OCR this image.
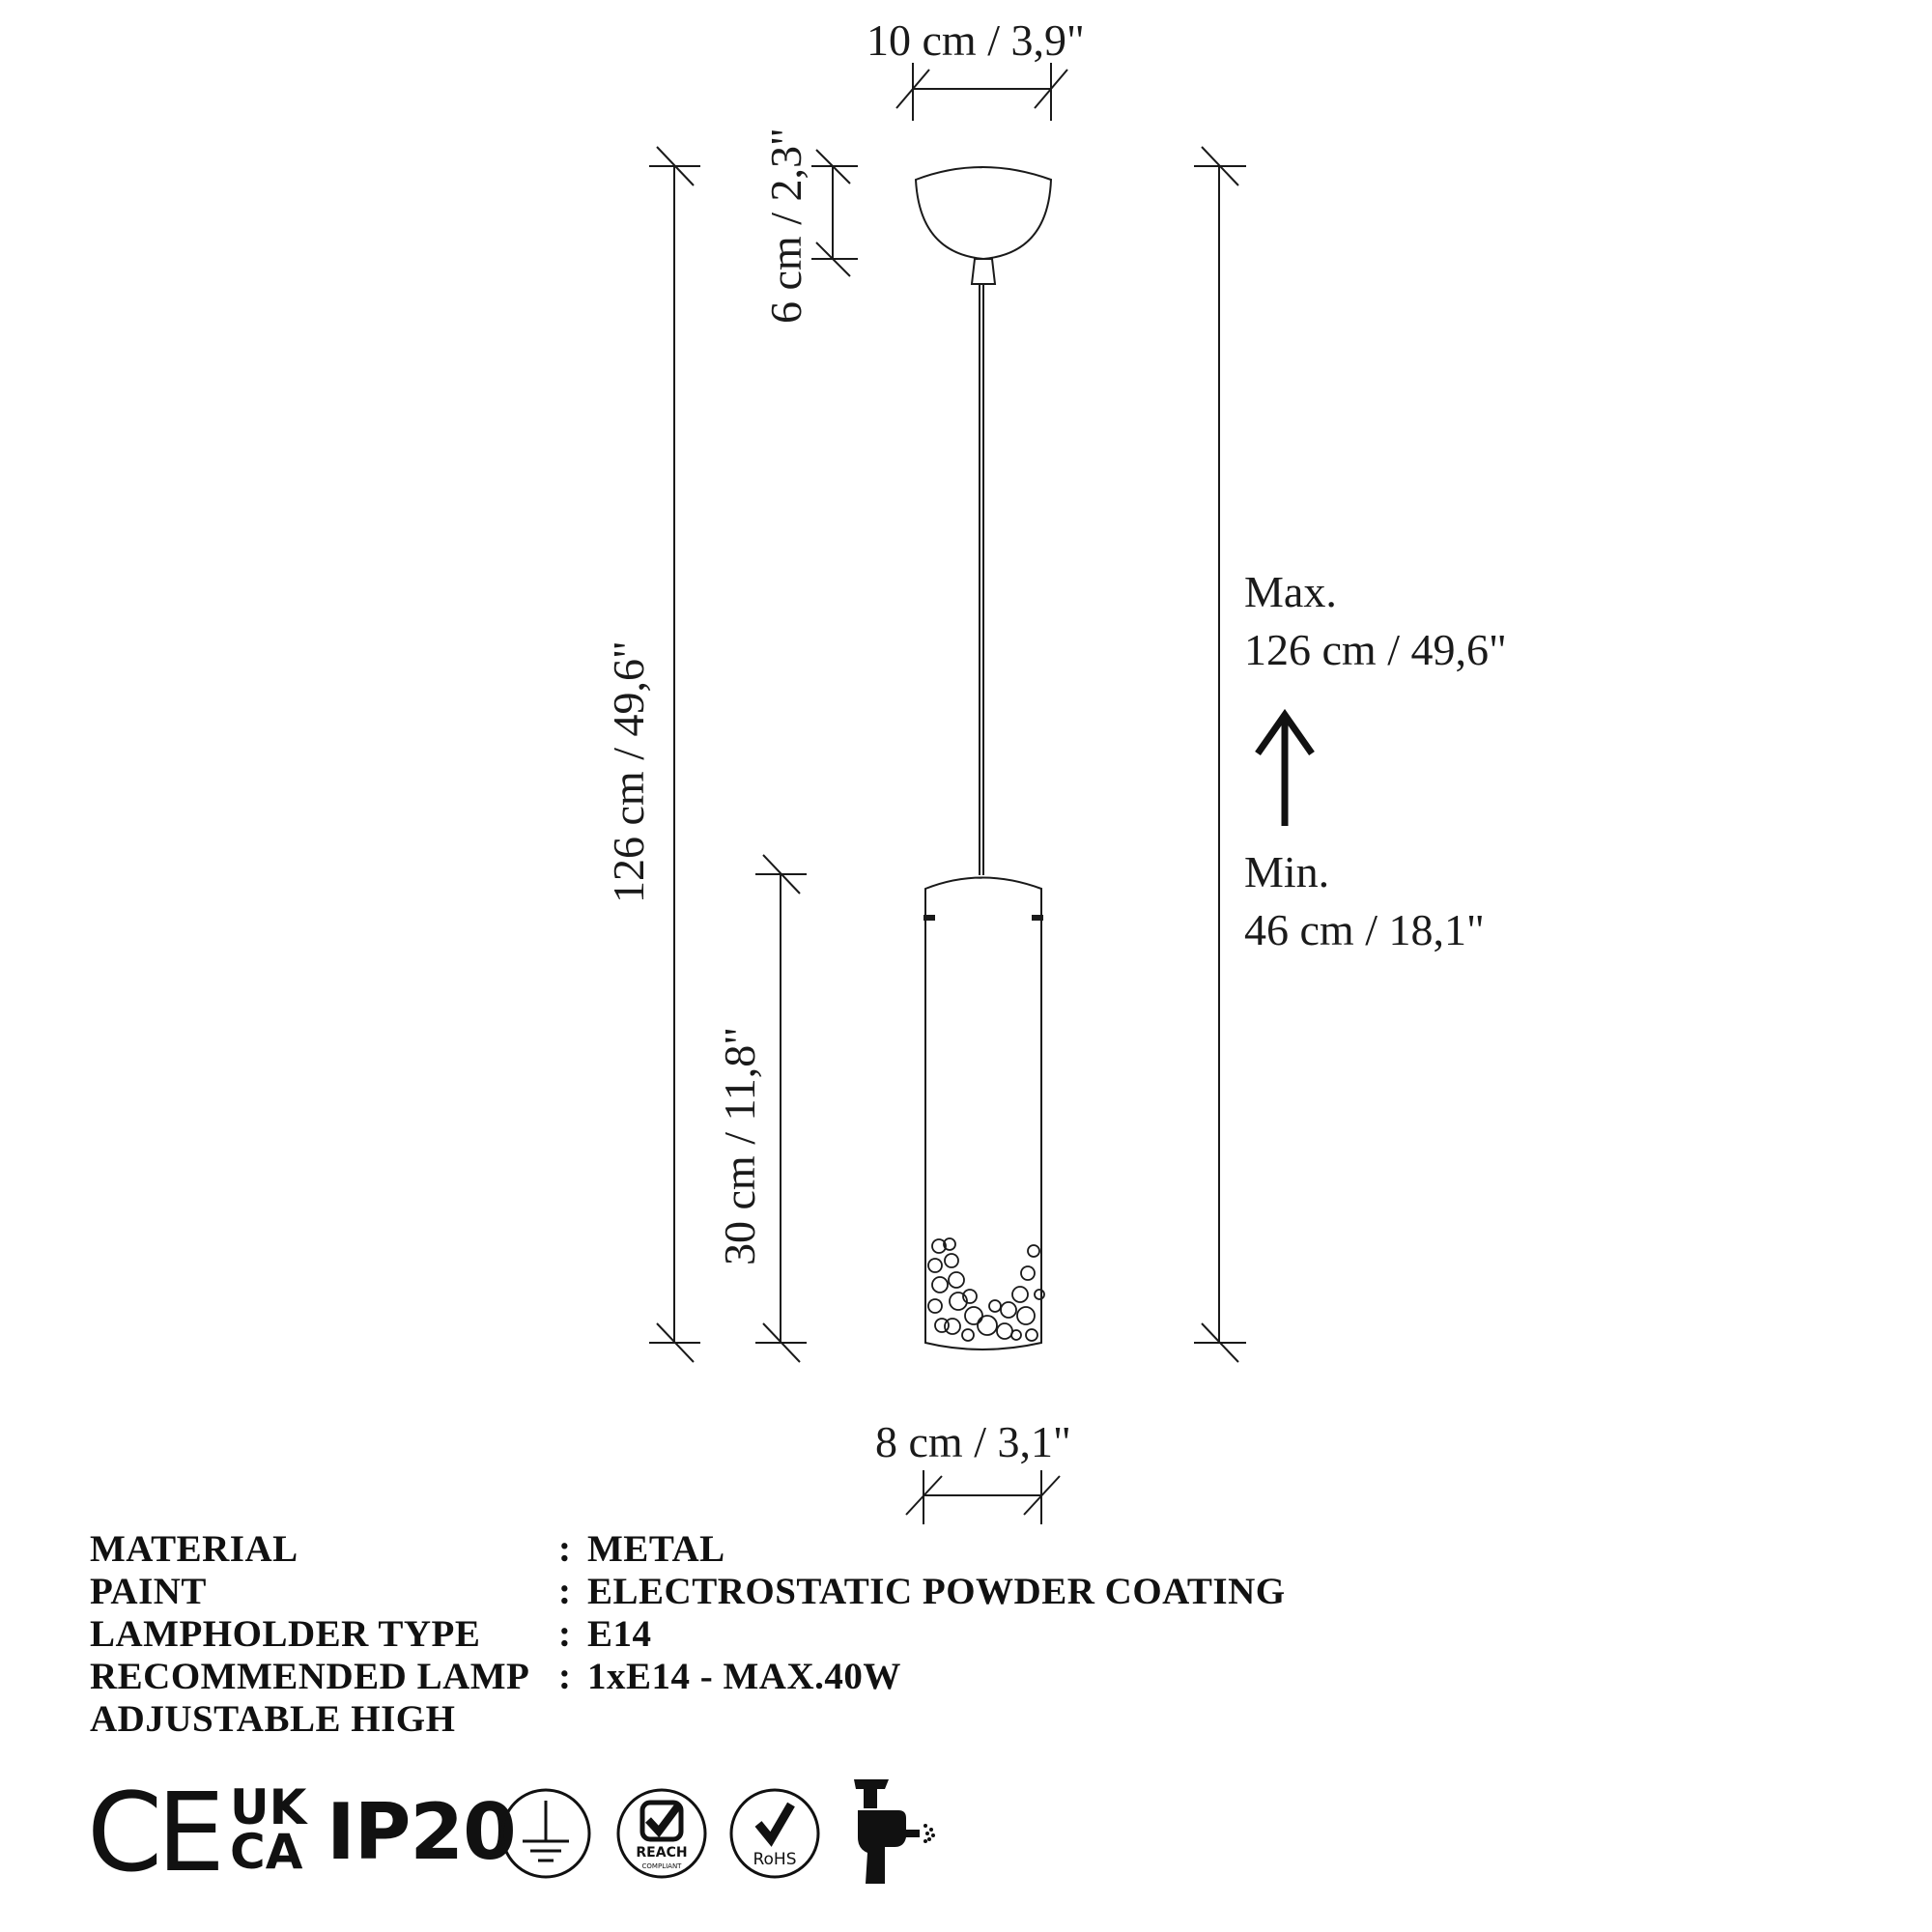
10 cm / 3,9"
6 cm / 2,3"
126 cm / 49,6"
30 cm / 11,8"
8 cm / 3,1"
Max.
126 cm / 49,6"
Min.
46 cm / 18,1"
MATERIAL	: METAL
PAINT	: ELECTROSTATIC POWDER COATING
LAMPHOLDER TYPE : E14
RECOMMENDED LAMP : 1xE14 - MAX.40W
ADJUSTABLE HIGH
CE UK
CA IP20	REACH
COMPLIANT	RoHS
